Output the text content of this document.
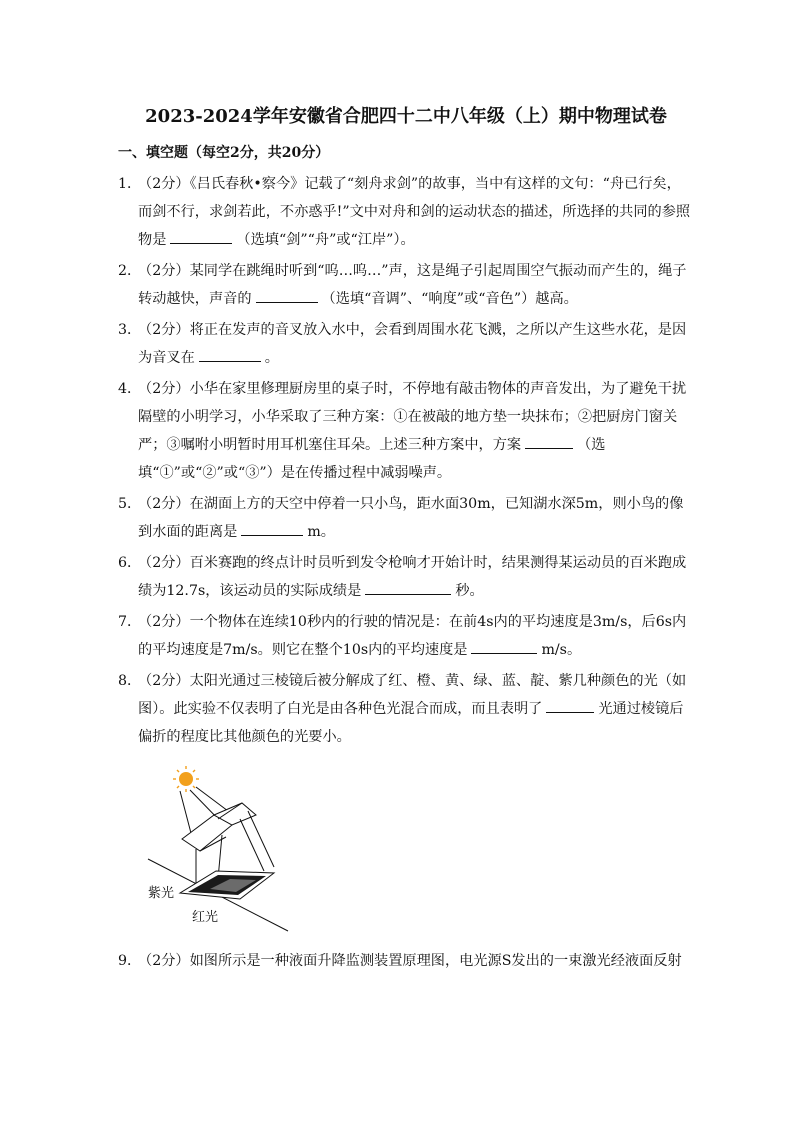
2023-2024学年安徽省合肥四十二中八年级（上）期中物理试卷
一、填空题（每空2分，共20分）
1．
（2分）《吕氏春秋•察今》记载了“刻舟求剑”的故事，当中有这样的文句：“舟已行矣，而剑不行，求剑若此，不亦惑乎!”文中对舟和剑的运动状态的描述，所选择的共同的参照物是	（选填“剑”“舟”或“江岸”）。
2．
（2分）某同学在跳绳时听到“呜…呜…”声，这是绳子引起周围空气振动而产生的，绳子转动越快，声音的	（选填“音调”、“响度”或“音色”）越高。
3．
（2分）将正在发声的音叉放入水中，会看到周围水花飞溅，之所以产生这些水花，是因为音叉在	。
4．
（2分）小华在家里修理厨房里的桌子时，不停地有敲击物体的声音发出，为了避免干扰隔壁的小明学习，小华采取了三种方案：①在被敲的地方垫一块抹布；②把厨房门窗关严；③嘱咐小明暂时用耳机塞住耳朵。上述三种方案中，方案	（选填“①”或“②”或“③”）是在传播过程中减弱噪声。
5．
（2分）在湖面上方的天空中停着一只小鸟，距水面30m，已知湖水深5m，则小鸟的像到水面的距离是	m。
6．
（2分）百米赛跑的终点计时员听到发令枪响才开始计时，结果测得某运动员的百米跑成绩为12.7s，该运动员的实际成绩是	秒。
7．
（2分）一个物体在连续10秒内的行驶的情况是：在前4s内的平均速度是3m/s，后6s内的平均速度是7m/s。则它在整个10s内的平均速度是	m/s。
8．
（2分）太阳光通过三棱镜后被分解成了红、橙、黄、绿、蓝、靛、紫几种颜色的光（如图）。此实验不仅表明了白光是由各种色光混合而成，而且表明了	光通过棱镜后偏折的程度比其他颜色的光要小。
紫光
红光
9．
（2分）如图所示是一种液面升降监测装置原理图，电光源S发出的一束激光经液面反射
